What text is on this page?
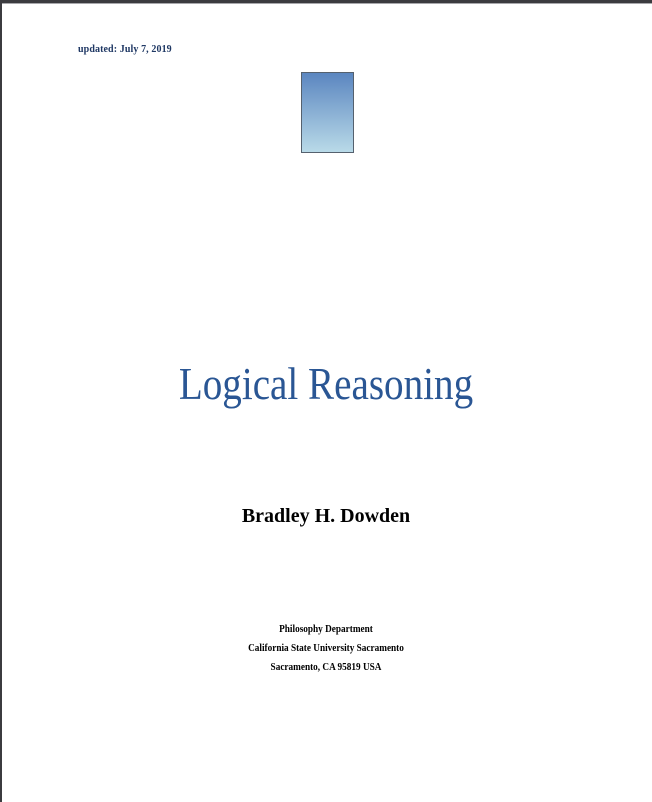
updated: July 7, 2019
Logical Reasoning
Bradley H. Dowden
Philosophy Department
California State University Sacramento
Sacramento, CA 95819 USA
